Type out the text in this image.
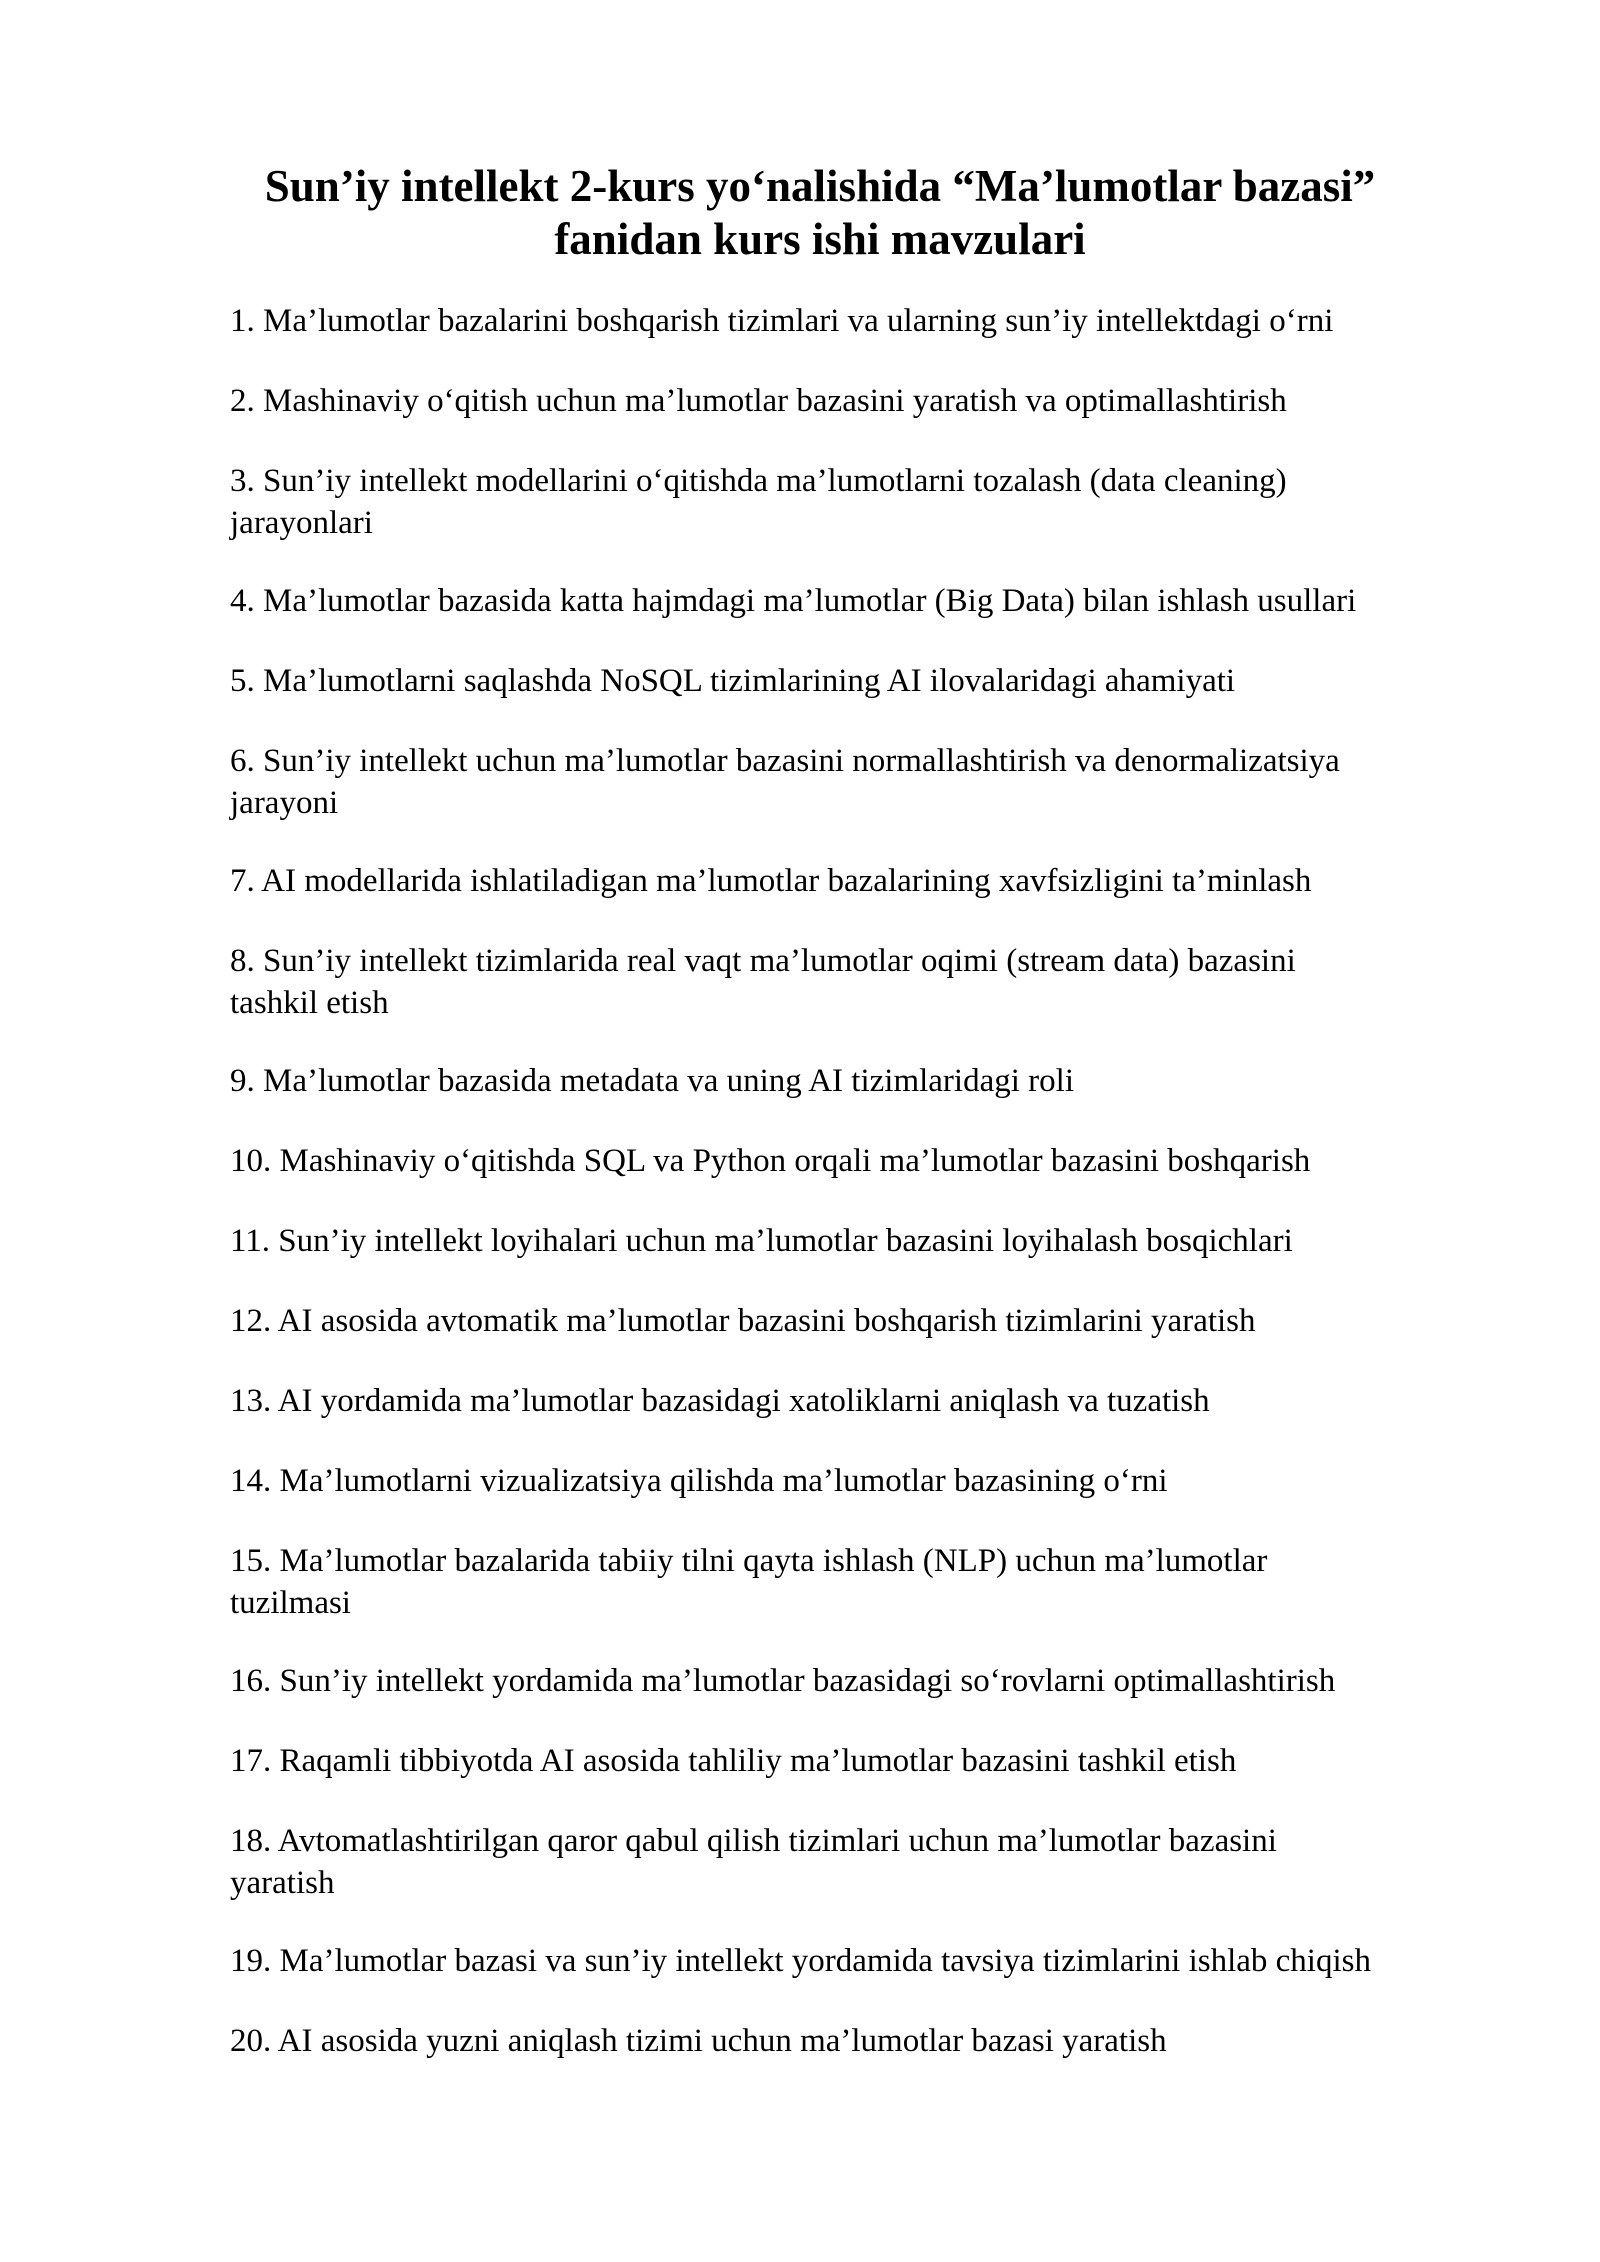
Sun’iy intellekt 2-kurs yo‘nalishida “Ma’lumotlar bazasi”
fanidan kurs ishi mavzulari
1. Ma’lumotlar bazalarini boshqarish tizimlari va ularning sun’iy intellektdagi o‘rni
2. Mashinaviy o‘qitish uchun ma’lumotlar bazasini yaratish va optimallashtirish
3. Sun’iy intellekt modellarini o‘qitishda ma’lumotlarni tozalash (data cleaning)
jarayonlari
4. Ma’lumotlar bazasida katta hajmdagi ma’lumotlar (Big Data) bilan ishlash usullari
5. Ma’lumotlarni saqlashda NoSQL tizimlarining AI ilovalaridagi ahamiyati
6. Sun’iy intellekt uchun ma’lumotlar bazasini normallashtirish va denormalizatsiya
jarayoni
7. AI modellarida ishlatiladigan ma’lumotlar bazalarining xavfsizligini ta’minlash
8. Sun’iy intellekt tizimlarida real vaqt ma’lumotlar oqimi (stream data) bazasini
tashkil etish
9. Ma’lumotlar bazasida metadata va uning AI tizimlaridagi roli
10. Mashinaviy o‘qitishda SQL va Python orqali ma’lumotlar bazasini boshqarish
11. Sun’iy intellekt loyihalari uchun ma’lumotlar bazasini loyihalash bosqichlari
12. AI asosida avtomatik ma’lumotlar bazasini boshqarish tizimlarini yaratish
13. AI yordamida ma’lumotlar bazasidagi xatoliklarni aniqlash va tuzatish
14. Ma’lumotlarni vizualizatsiya qilishda ma’lumotlar bazasining o‘rni
15. Ma’lumotlar bazalarida tabiiy tilni qayta ishlash (NLP) uchun ma’lumotlar
tuzilmasi
16. Sun’iy intellekt yordamida ma’lumotlar bazasidagi so‘rovlarni optimallashtirish
17. Raqamli tibbiyotda AI asosida tahliliy ma’lumotlar bazasini tashkil etish
18. Avtomatlashtirilgan qaror qabul qilish tizimlari uchun ma’lumotlar bazasini
yaratish
19. Ma’lumotlar bazasi va sun’iy intellekt yordamida tavsiya tizimlarini ishlab chiqish
20. AI asosida yuzni aniqlash tizimi uchun ma’lumotlar bazasi yaratish
